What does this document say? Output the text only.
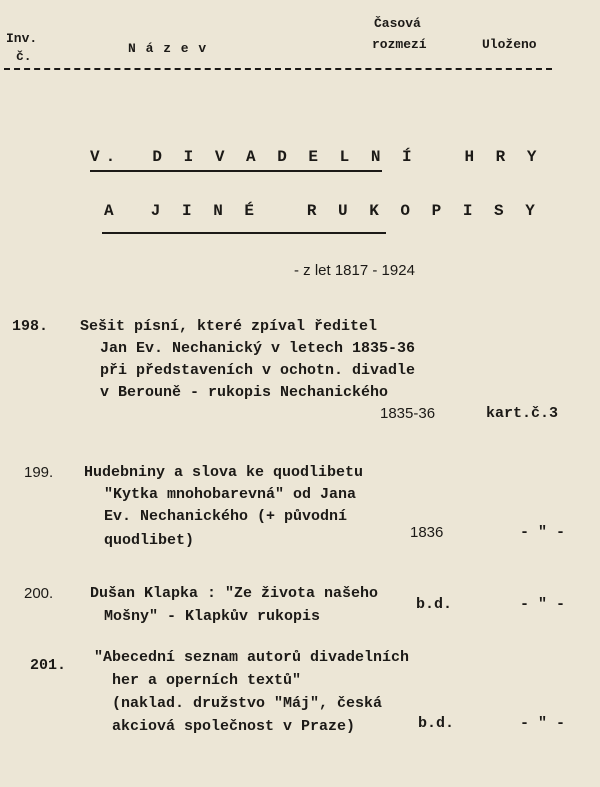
Inv.
č.
N á z e v
Časová
rozmezí	Uloženo
V.  D I V A D E L N Í   H R Y
A  J I N É   R U K O P I S Y
- z let 1817 - 1924
198. Sešit písní, které zpíval ředitel
Jan Ev. Nechanický v letech 1835-36
při představeních v ochotn. divadle
v Berouně - rukopis Nechanického
1835-36	kart.č.3
199. Hudebniny a slova ke quodlibetu
"Kytka mnohobarevná" od Jana
Ev. Nechanického (+ původní
quodlibet)	1836	- " -
200. Dušan Klapka : "Ze života našeho
Mošny" - Klapkův rukopis
b.d.	- " -
201. "Abecední seznam autorů divadelních
her a operních textů"
(naklad. družstvo "Máj", česká
akciová společnost v Praze)	b.d.	- " -
